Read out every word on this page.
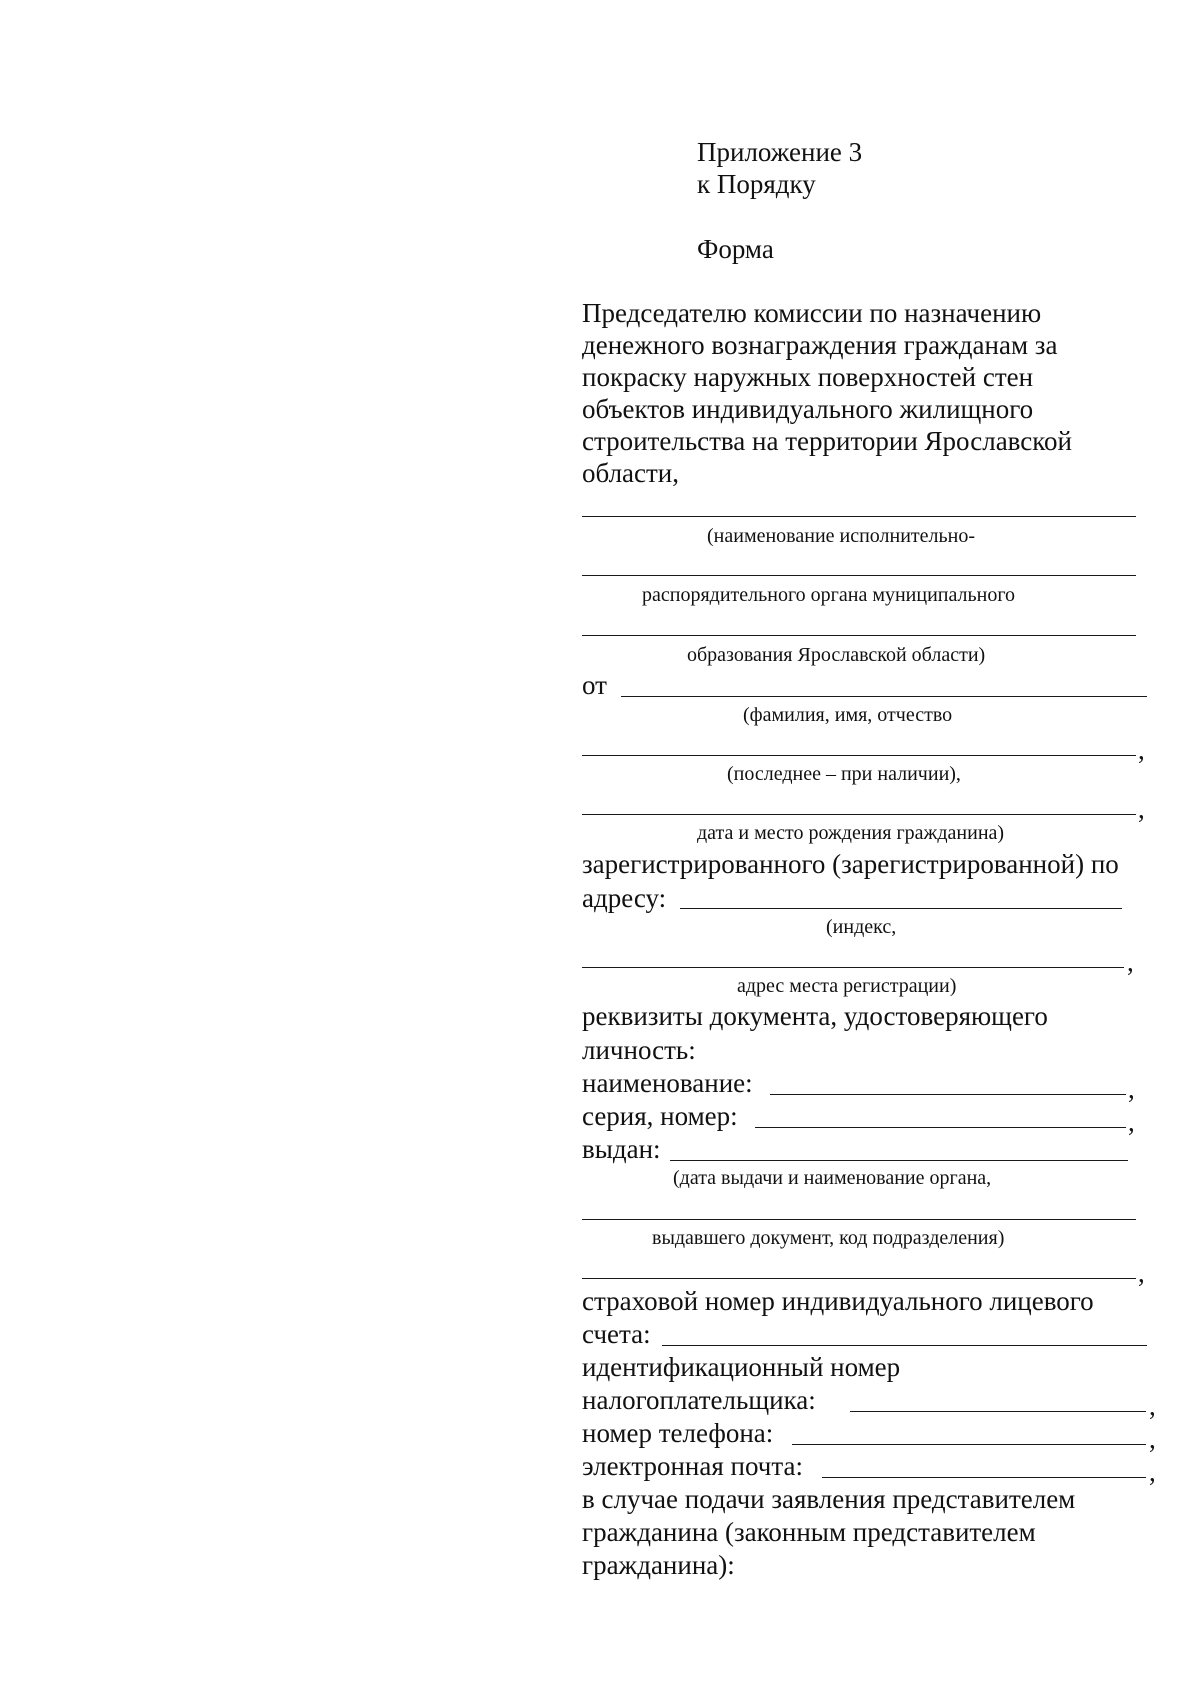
Приложение 3
к Порядку
Форма
Председателю комиссии по назначению
денежного вознаграждения гражданам за
покраску наружных поверхностей стен
объектов индивидуального жилищного
строительства на территории Ярославской
области,
(наименование исполнительно-
распорядительного органа муниципального
образования Ярославской области)
от
(фамилия, имя, отчество
,
(последнее – при наличии),
,
дата и место рождения гражданина)
зарегистрированного (зарегистрированной) по
адресу:
(индекс,
,
адрес места регистрации)
реквизиты документа, удостоверяющего
личность:
наименование:	,
серия, номер:	,
выдан:
(дата выдачи и наименование органа,
выдавшего документ, код подразделения)
,
страховой номер индивидуального лицевого
счета:
идентификационный номер
налогоплательщика:	,
номер телефона:	,
электронная почта:	,
в случае подачи заявления представителем
гражданина (законным представителем
гражданина):
